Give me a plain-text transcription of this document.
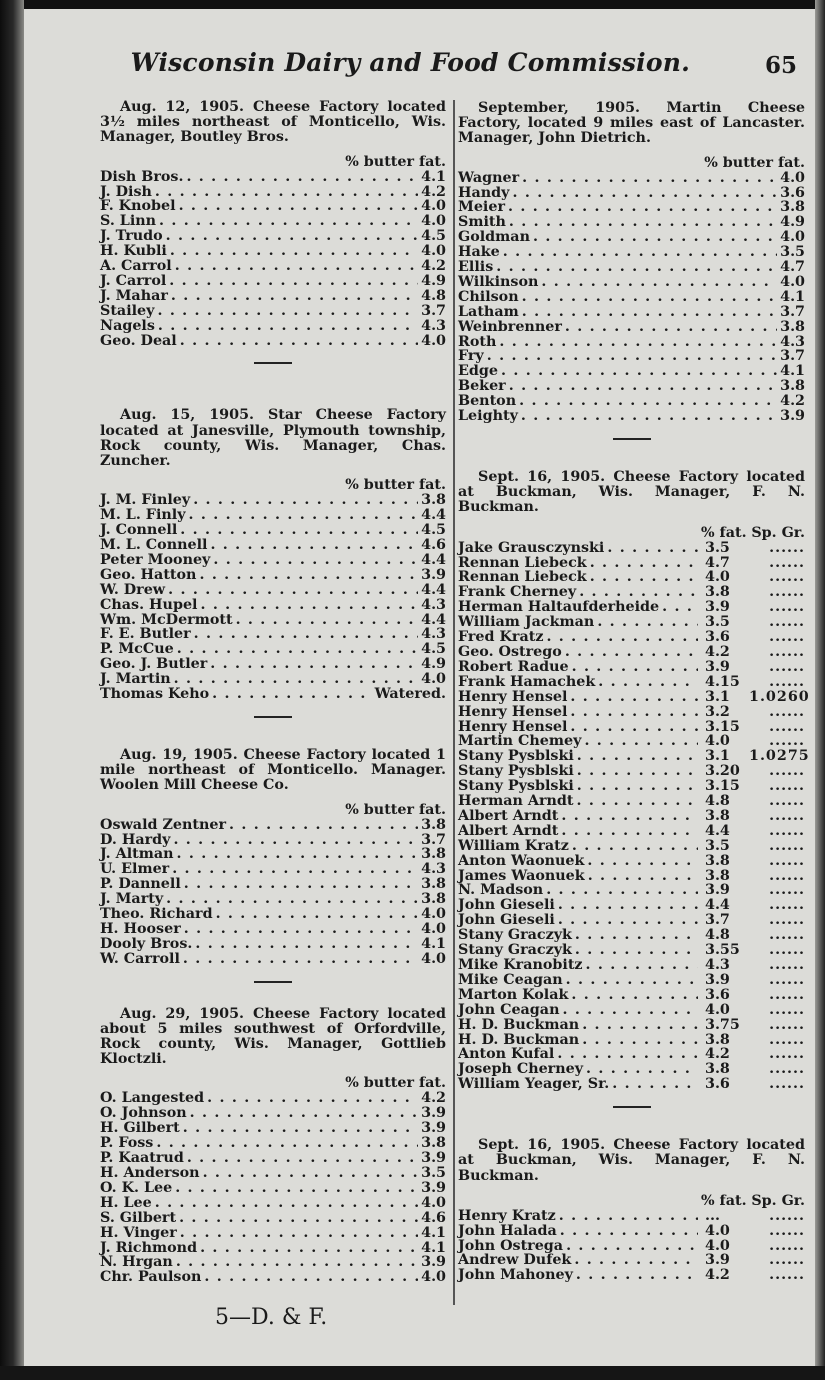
Wisconsin Dairy and Food Commission.	65

Aug. 12, 1905. Cheese Factory located 3½ miles northeast of Monticello, Wis. Manager, Boutley Bros.

% butter fat.
Dish Bros. . . .	4.1
J. Dish . . .	4.2
F. Knobel . . .	4.0
S. Linn . . .	4.0
J. Trudo . . .	4.5
H. Kubli . . .	4.0
A. Carrol . . .	4.2
J. Carrol . . .	4.9
J. Mahar . . .	4.8
Stailey . . .	3.7
Nagels . . .	4.3
Geo. Deal . . .	4.0

Aug. 15, 1905. Star Cheese Factory located at Janesville, Plymouth township, Rock county, Wis. Manager, Chas. Zuncher.

% butter fat.
J. M. Finley . . .	3.8
M. L. Finly . . .	4.4
J. Connell . . .	4.5
M. L. Connell . . .	4.6
Peter Mooney . . .	4.4
Geo. Hatton . . .	3.9
W. Drew . . .	4.4
Chas. Hupel . . .	4.3
Wm. McDermott . . .	4.4
F. E. Butler . . .	4.3
P. McCue . . .	4.5
Geo. J. Butler . . .	4.9
J. Martin . . .	4.0
Thomas Keho . . .	Watered.

Aug. 19, 1905. Cheese Factory located 1 mile northeast of Monticello. Manager. Woolen Mill Cheese Co.

% butter fat.
Oswald Zentner . . .	3.8
D. Hardy . . .	3.7
J. Altman . . .	3.8
U. Elmer . . .	4.3
P. Dannell . . .	3.8
J. Marty . . .	3.8
Theo. Richard . . .	4.0
H. Hooser . . .	4.0
Dooly Bros. . . .	4.1
W. Carroll . . .	4.0

Aug. 29, 1905. Cheese Factory located about 5 miles southwest of Orfordville, Rock county, Wis. Manager, Gottlieb Kloctzli.

% butter fat.
O. Langested . . .	4.2
O. Johnson . . .	3.9
H. Gilbert . . .	3.9
P. Foss . . .	3.8
P. Kaatrud . . .	3.9
H. Anderson . . .	3.5
O. K. Lee . . .	3.9
H. Lee . . .	4.0
S. Gilbert . . .	4.6
H. Vinger . . .	4.1
J. Richmond . . .	4.1
N. Hrgan . . .	3.9
Chr. Paulson . . .	4.0

September, 1905. Martin Cheese Factory, located 9 miles east of Lancaster. Manager, John Dietrich.

% butter fat.
Wagner . . .	4.0
Handy . . .	3.6
Meier . . .	3.8
Smith . . .	4.9
Goldman . . .	4.0
Hake . . .	3.5
Ellis . . .	4.7
Wilkinson . . .	4.0
Chilson . . .	4.1
Latham . . .	3.7
Weinbrenner . . .	3.8
Roth . . .	4.3
Fry . . .	3.7
Edge . . .	4.1
Beker . . .	3.8
Benton . . .	4.2
Leighty . . .	3.9

Sept. 16, 1905. Cheese Factory located at Buckman, Wis. Manager, F. N. Buckman.

% fat. Sp. Gr.
Jake Grausczynski . . .	3.5	......
Rennan Liebeck . . .	4.7	......
Rennan Liebeck . . .	4.0	......
Frank Cherney . . .	3.8	......
Herman Haltaufderheide . . .	3.9	......
William Jackman . . .	3.5	......
Fred Kratz . . .	3.6	......
Geo. Ostrego . . .	4.2	......
Robert Radue . . .	3.9	......
Frank Hamachek . . .	4.15	......
Henry Hensel . . .	3.1	1.0260
Henry Hensel . . .	3.2	......
Henry Hensel . . .	3.15	......
Martin Chemey . . .	4.0	......
Stany Pysblski . . .	3.1	1.0275
Stany Pysblski . . .	3.20	......
Stany Pysblski . . .	3.15	......
Herman Arndt . . .	4.8	......
Albert Arndt . . .	3.8	......
Albert Arndt . . .	4.4	......
William Kratz . . .	3.5	......
Anton Waonuek . . .	3.8	......
James Waonuek . . .	3.8	......
N. Madson . . .	3.9	......
John Gieseli . . .	4.4	......
John Gieseli . . .	3.7	......
Stany Graczyk . . .	4.8	......
Stany Graczyk . . .	3.55	......
Mike Kranobitz . . .	4.3	......
Mike Ceagan . . .	3.9	......
Marton Kolak . . .	3.6	......
John Ceagan . . .	4.0	......
H. D. Buckman . . .	3.75	......
H. D. Buckman . . .	3.8	......
Anton Kufal . . .	4.2	......
Joseph Cherney . . .	3.8	......
William Yeager, Sr. . . .	3.6	......

Sept. 16, 1905. Cheese Factory located at Buckman, Wis. Manager, F. N. Buckman.

% fat. Sp. Gr.
Henry Kratz . . .	...	......
John Halada . . .	4.0	......
John Ostrega . . .	4.0	......
Andrew Dufek . . .	3.9	......
John Mahoney . . .	4.2	......
5—D. & F.
